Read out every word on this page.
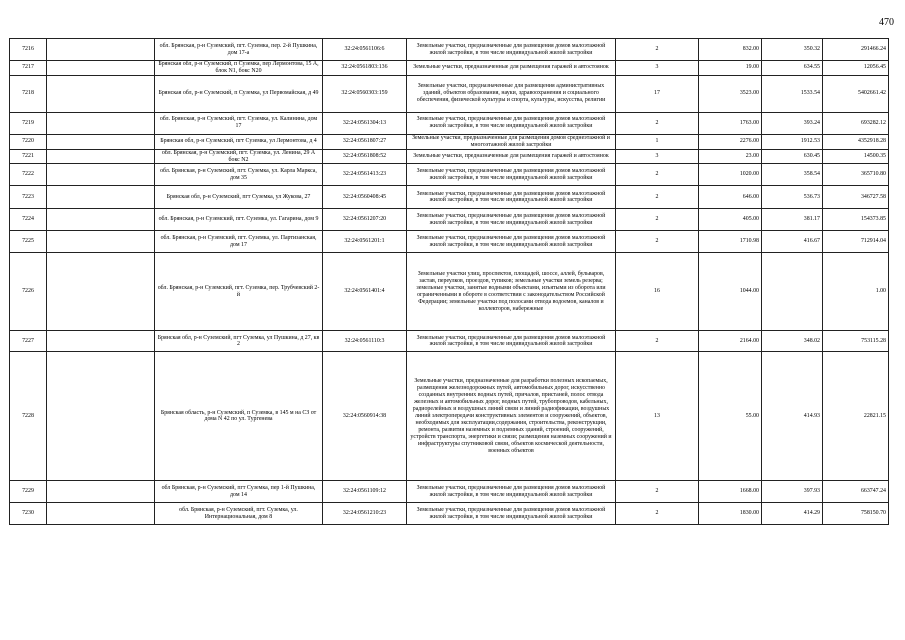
470
7216		обл. Брянская, р-н Суземский, пгт. Суземка, пер. 2-й Пушкина, дом 17-а	32:24:0561106:6	Земельные участки, предназначенные для размещения домов малоэтажной жилой застройки, в том числе индивидуальной жилой застройки	2	832.00	350.32	291466.24
7217		Брянская обл, р-н Суземский, п Суземка, пер Лермонтова, 15 А, блок N1, бокс N20	32:24:0561803:136	Земельные участки, предназначенные для размещения гаражей и автостоянок	3	19.00	634.55	12056.45
7218		Брянская обл, р-н Суземский, п Суземка, ул Первомайская, д 49	32:24:0560303:159	Земельные участки, предназначенные для размещения административных зданий, объектов образования, науки, здравоохранения и социального обеспечения, физической культуры и спорта, культуры, искусства, религии	17	3523.00	1533.54	5402661.42
7219		обл. Брянская, р-н Суземский, пгт. Суземка, ул. Калинина, дом 17	32:24:0561304:13	Земельные участки, предназначенные для размещения домов малоэтажной жилой застройки, в том числе индивидуальной жилой застройки	2	1763.00	393.24	693282.12
7220		Брянская обл, р-н Суземский, пгт Суземка, ул Лермонтова, д 4	32:24:0561807:27	Земельные участки, предназначенные для размещения домов среднеэтажной и многоэтажной жилой застройки	1	2276.00	1912.53	4352918.28
7221		обл. Брянская, р-н Суземский, пгт. Суземка, ул. Ленина, 29 А бокс N2	32:24:0561808:52	Земельные участки, предназначенные для размещения гаражей и автостоянок	3	23.00	630.45	14500.35
7222		обл. Брянская, р-н Суземский, пгт. Суземка, ул. Карла Маркса, дом 35	32:24:0561413:23	Земельные участки, предназначенные для размещения домов малоэтажной жилой застройки, в том числе индивидуальной жилой застройки	2	1020.00	358.54	365710.80
7223		Брянская обл, р-н Суземский, пгт Суземка, ул Жукова, 27	32:24:0560408:45	Земельные участки, предназначенные для размещения домов малоэтажной жилой застройки, в том числе индивидуальной жилой застройки	2	646.00	536.73	346727.58
7224		обл. Брянская, р-н Суземский, пгт. Суземка, ул. Гагарина, дом 9	32:24:0561207:20	Земельные участки, предназначенные для размещения домов малоэтажной жилой застройки, в том числе индивидуальной жилой застройки	2	405.00	381.17	154373.85
7225		обл. Брянская, р-н Суземский, пгт. Суземка, ул. Партизанская, дом 17	32:24:0561201:1	Земельные участки, предназначенные для размещения домов малоэтажной жилой застройки, в том числе индивидуальной жилой застройки	2	1710.98	416.67	712914.04
7226		обл. Брянская, р-н Суземский, пгт. Суземка, пер. Трубчевский 2-й	32:24:0561401:4	Земельные участки улиц, проспектов, площадей, шоссе, аллей, бульваров, застав, переулков, проездов, тупиков; земельные участки земель резерва; земельные участки, занятые водными объектами, изъятыми из оборота или ограниченными в обороте в соответствии с законодательством Российской Федерации; земельные участки под полосами отвода водоемов, каналов и коллекторов, набережные	16	1044.00		1.00
7227		Брянская обл, р-н Суземский, пгт Суземка, ул Пушкина, д 27, кв 2	32:24:0561110:3	Земельные участки, предназначенные для размещения домов малоэтажной жилой застройки, в том числе индивидуальной жилой застройки	2	2164.00	348.02	753115.28
7228		Брянская область, р-н Суземский, п Суземка, в 145 м на СЗ от дома N 42 по ул. Тургенева	32:24:0560914:38	Земельные участки, предназначенные для разработки полезных ископаемых, размещения железнодорожных путей, автомобильных дорог, искусственно созданных внутренних водных путей, причалов, пристаней, полос отвода железных и автомобильных дорог, водных путей, трубопроводов, кабельных, радиорелейных и воздушных линий связи и линий радиофикации, воздушных линий электропередачи конструктивных элементов и сооружений, объектов, необходимых для эксплуатации,содержания, строительства, реконструкции, ремонта, развития наземных и подземных зданий, строений, сооружений, устройств транспорта, энергетики и связи; размещения наземных сооружений и инфраструктуры спутниковой связи, объектов космической деятельности, военных объектов	13	55.00	414.93	22821.15
7229		обл Брянская, р-н Суземский, пгт Суземка, пер 1-й Пушкина, дом 14	32:24:0561109:12	Земельные участки, предназначенные для размещения домов малоэтажной жилой застройки, в том числе индивидуальной жилой застройки	2	1668.00	397.93	663747.24
7230		обл. Брянская, р-н Суземский, пгт. Суземка, ул. Интернациональная, дом 8	32:24:0561210:23	Земельные участки, предназначенные для размещения домов малоэтажной жилой застройки, в том числе индивидуальной жилой застройки	2	1830.00	414.29	758150.70
